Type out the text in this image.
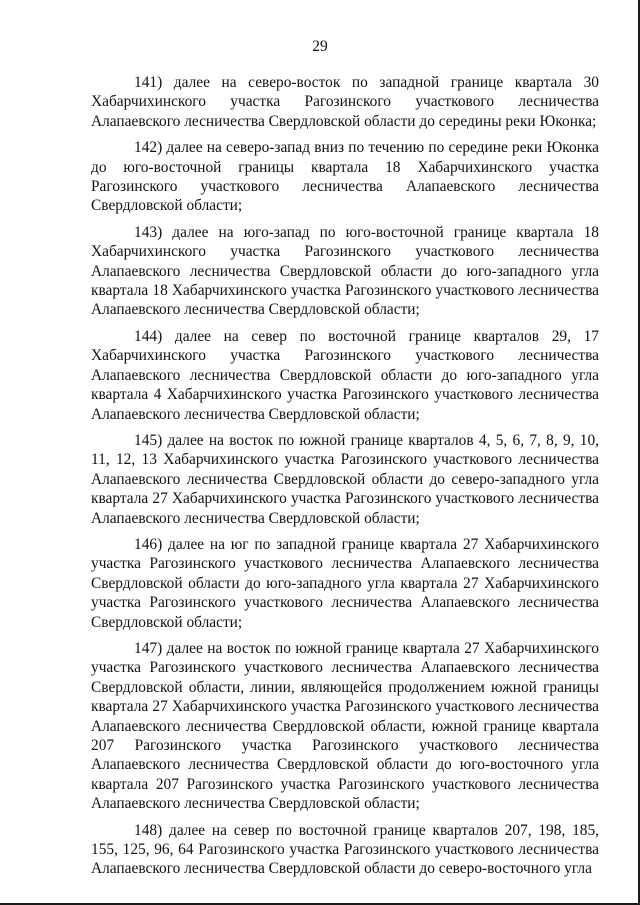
29

141) далее на северо-восток по западной границе квартала 30 Хабарчихинского участка Рагозинского участкового лесничества Алапаевского лесничества Свердловской области до середины реки Юконка;

142) далее на северо-запад вниз по течению по середине реки Юконка до юго-восточной границы квартала 18 Хабарчихинского участка Рагозинского участкового лесничества Алапаевского лесничества Свердловской области;

143) далее на юго-запад по юго-восточной границе квартала 18 Хабарчихинского участка Рагозинского участкового лесничества Алапаевского лесничества Свердловской области до юго-западного угла квартала 18 Хабарчихинского участка Рагозинского участкового лесничества Алапаевского лесничества Свердловской области;

144) далее на север по восточной границе кварталов 29, 17 Хабарчихинского участка Рагозинского участкового лесничества Алапаевского лесничества Свердловской области до юго-западного угла квартала 4 Хабарчихинского участка Рагозинского участкового лесничества Алапаевского лесничества Свердловской области;

145) далее на восток по южной границе кварталов 4, 5, 6, 7, 8, 9, 10, 11, 12, 13 Хабарчихинского участка Рагозинского участкового лесничества Алапаевского лесничества Свердловской области до северо-западного угла квартала 27 Хабарчихинского участка Рагозинского участкового лесничества Алапаевского лесничества Свердловской области;

146) далее на юг по западной границе квартала 27 Хабарчихинского участка Рагозинского участкового лесничества Алапаевского лесничества Свердловской области до юго-западного угла квартала 27 Хабарчихинского участка Рагозинского участкового лесничества Алапаевского лесничества Свердловской области;

147) далее на восток по южной границе квартала 27 Хабарчихинского участка Рагозинского участкового лесничества Алапаевского лесничества Свердловской области, линии, являющейся продолжением южной границы квартала 27 Хабарчихинского участка Рагозинского участкового лесничества Алапаевского лесничества Свердловской области, южной границе квартала 207 Рагозинского участка Рагозинского участкового лесничества Алапаевского лесничества Свердловской области до юго-восточного угла квартала 207 Рагозинского участка Рагозинского участкового лесничества Алапаевского лесничества Свердловской области;

148) далее на север по восточной границе кварталов 207, 198, 185, 155, 125, 96, 64 Рагозинского участка Рагозинского участкового лесничества Алапаевского лесничества Свердловской области до северо-восточного угла
